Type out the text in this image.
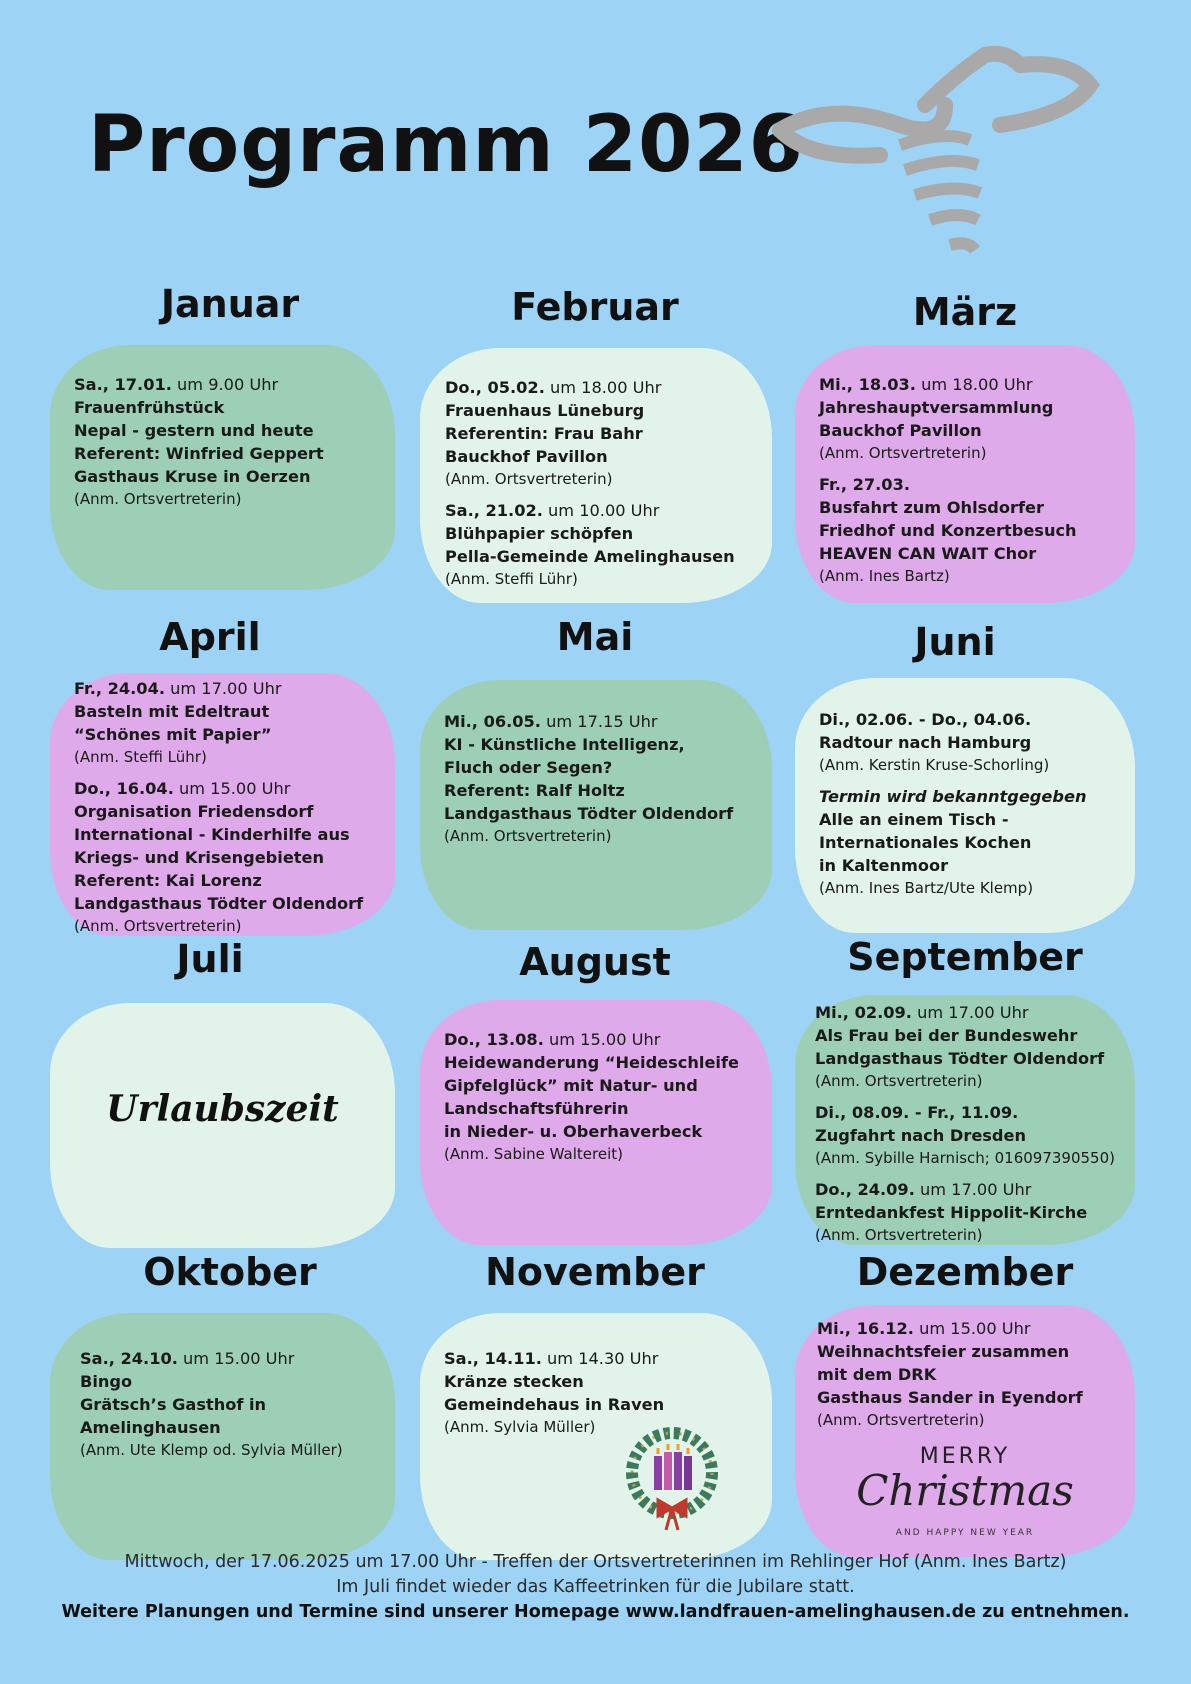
Programm 2026
Januar	Februar	März
April	Mai	Juni
Juli	August	September
Oktober	November	Dezember
Sa., 17.01. um 9.00 Uhr
Frauenfrühstück
Nepal - gestern und heute
Referent: Winfried Geppert
Gasthaus Kruse in Oerzen
(Anm. Ortsvertreterin)
Do., 05.02. um 18.00 Uhr
Frauenhaus Lüneburg
Referentin: Frau Bahr
Bauckhof Pavillon
(Anm. Ortsvertreterin)
Sa., 21.02. um 10.00 Uhr
Blühpapier schöpfen
Pella-Gemeinde Amelinghausen
(Anm. Steffi Lühr)
Mi., 18.03. um 18.00 Uhr
Jahreshauptversammlung
Bauckhof Pavillon
(Anm. Ortsvertreterin)
Fr., 27.03.
Busfahrt zum Ohlsdorfer
Friedhof und Konzertbesuch
HEAVEN CAN WAIT Chor
(Anm. Ines Bartz)
Fr., 24.04. um 17.00 Uhr
Basteln mit Edeltraut
“Schönes mit Papier”
(Anm. Steffi Lühr)
Do., 16.04. um 15.00 Uhr
Organisation Friedensdorf
International - Kinderhilfe aus
Kriegs- und Krisengebieten
Referent: Kai Lorenz
Landgasthaus Tödter Oldendorf
(Anm. Ortsvertreterin)
Mi., 06.05. um 17.15 Uhr
KI - Künstliche Intelligenz,
Fluch oder Segen?
Referent: Ralf Holtz
Landgasthaus Tödter Oldendorf
(Anm. Ortsvertreterin)
Di., 02.06. - Do., 04.06.
Radtour nach Hamburg
(Anm. Kerstin Kruse-Schorling)
Termin wird bekanntgegeben
Alle an einem Tisch -
Internationales Kochen
in Kaltenmoor
(Anm. Ines Bartz/Ute Klemp)
Urlaubszeit
Do., 13.08. um 15.00 Uhr
Heidewanderung “Heideschleife
Gipfelglück” mit Natur- und
Landschaftsführerin
in Nieder- u. Oberhaverbeck
(Anm. Sabine Waltereit)
Mi., 02.09. um 17.00 Uhr
Als Frau bei der Bundeswehr
Landgasthaus Tödter Oldendorf
(Anm. Ortsvertreterin)
Di., 08.09. - Fr., 11.09.
Zugfahrt nach Dresden
(Anm. Sybille Harnisch; 016097390550)
Do., 24.09. um 17.00 Uhr
Erntedankfest Hippolit-Kirche
(Anm. Ortsvertreterin)
Sa., 24.10. um 15.00 Uhr
Bingo
Grätsch’s Gasthof in
Amelinghausen
(Anm. Ute Klemp od. Sylvia Müller)
Sa., 14.11. um 14.30 Uhr
Kränze stecken
Gemeindehaus in Raven
(Anm. Sylvia Müller)
MERRY
Christmas
AND HAPPY NEW YEAR
Mi., 16.12. um 15.00 Uhr
Weihnachtsfeier zusammen
mit dem DRK
Gasthaus Sander in Eyendorf
(Anm. Ortsvertreterin)
Mittwoch, der 17.06.2025 um 17.00 Uhr - Treffen der Ortsvertreterinnen im Rehlinger Hof (Anm. Ines Bartz)
Im Juli findet wieder das Kaffeetrinken für die Jubilare statt.
Weitere Planungen und Termine sind unserer Homepage www.landfrauen-amelinghausen.de zu entnehmen.
